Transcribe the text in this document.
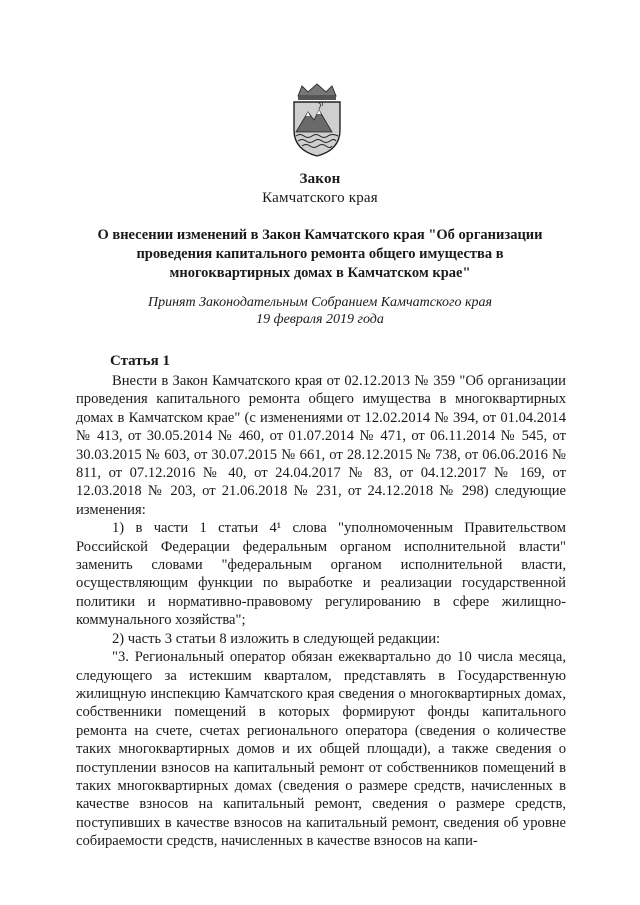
Закон
Камчатского края
О внесении изменений в Закон Камчатского края "Об организации
проведения капитального ремонта общего имущества в
многоквартирных домах в Камчатском крае"
Принят Законодательным Собранием Камчатского края
19 февраля 2019 года
Статья 1

Внести в Закон Камчатского края от 02.12.2013 № 359 "Об организации проведения капитального ремонта общего имущества в многоквартирных домах в Камчатском крае" (с изменениями от 12.02.2014 № 394, от 01.04.2014 № 413, от 30.05.2014 № 460, от 01.07.2014 № 471, от 06.11.2014 № 545, от 30.03.2015 № 603, от 30.07.2015 № 661, от 28.12.2015 № 738, от 06.06.2016 № 811, от 07.12.2016 № 40, от 24.04.2017 № 83, от 04.12.2017 № 169, от 12.03.2018 № 203, от 21.06.2018 № 231, от 24.12.2018 № 298) следующие изменения:

1) в части 1 статьи 4¹ слова "уполномоченным Правительством Российской Федерации федеральным органом исполнительной власти" заменить словами "федеральным органом исполнительной власти, осуществляющим функции по выработке и реализации государственной политики и нормативно-правовому регулированию в сфере жилищно-коммунального хозяйства";

2) часть 3 статьи 8 изложить в следующей редакции:

"3. Региональный оператор обязан ежеквартально до 10 числа месяца, следующего за истекшим кварталом, представлять в Государственную жилищную инспекцию Камчатского края сведения о многоквартирных домах, собственники помещений в которых формируют фонды капитального ремонта на счете, счетах регионального оператора (сведения о количестве таких многоквартирных домов и их общей площади), а также сведения о поступлении взносов на капитальный ремонт от собственников помещений в таких многоквартирных домах (сведения о размере средств, начисленных в качестве взносов на капитальный ремонт, сведения о размере средств, поступивших в качестве взносов на капитальный ремонт, сведения об уровне собираемости средств, начисленных в качестве взносов на капи-
